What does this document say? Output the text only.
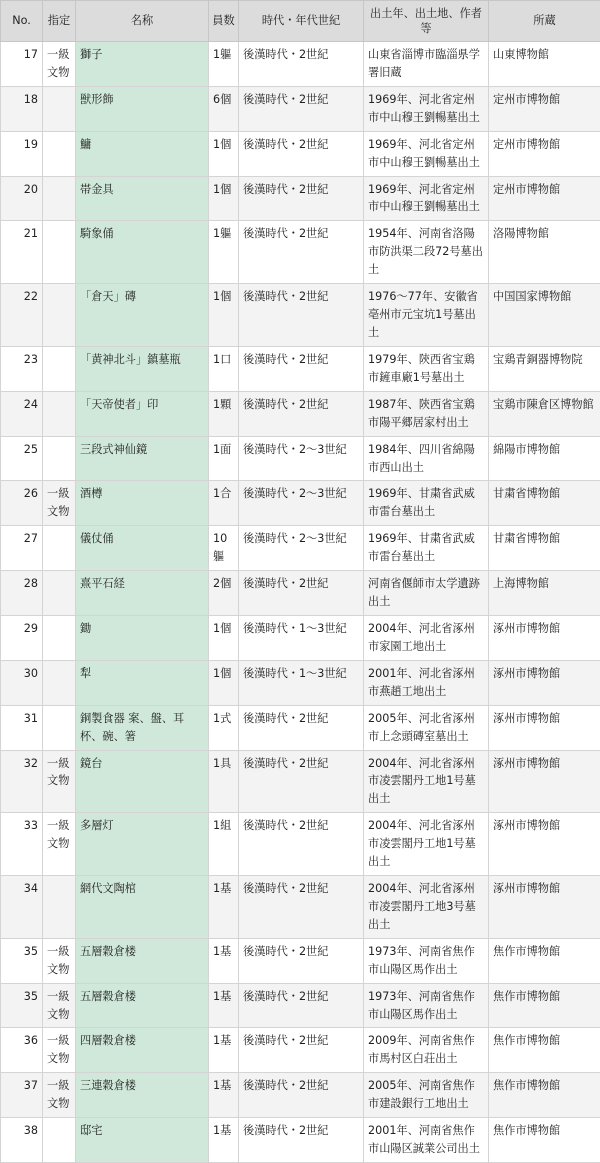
No.	指定	名称	員数	時代・年代世紀	出土年、出土地、作者等	所蔵
17	一級文物	獅子	1軀	後漢時代・2世紀	山東省淄博市臨淄県学署旧蔵	山東博物館
18		獣形飾	6個	後漢時代・2世紀	1969年、河北省定州市中山穆王劉暢墓出土	定州市博物館
19		鱅	1個	後漢時代・2世紀	1969年、河北省定州市中山穆王劉暢墓出土	定州市博物館
20		帯金具	1個	後漢時代・2世紀	1969年、河北省定州市中山穆王劉暢墓出土	定州市博物館
21		騎象俑	1軀	後漢時代・2世紀	1954年、河南省洛陽市防洪渠二段72号墓出土	洛陽博物館
22		「倉天」磚	1個	後漢時代・2世紀	1976〜77年、安徽省亳州市元宝坑1号墓出土	中国国家博物館
23		「黄神北斗」鎮墓瓶	1口	後漢時代・2世紀	1979年、陝西省宝鶏市鏟車廠1号墓出土	宝鶏青銅器博物院
24		「天帝使者」印	1顆	後漢時代・2世紀	1987年、陝西省宝鶏市陽平郷居家村出土	宝鶏市陳倉区博物館
25		三段式神仙鏡	1面	後漢時代・2〜3世紀	1984年、四川省綿陽市西山出土	綿陽市博物館
26	一級文物	酒樽	1合	後漢時代・2〜3世紀	1969年、甘粛省武威市雷台墓出土	甘粛省博物館
27		儀仗俑	10軀	後漢時代・2〜3世紀	1969年、甘粛省武威市雷台墓出土	甘粛省博物館
28		熹平石経	2個	後漢時代・2世紀	河南省偃師市太学遺跡出土	上海博物館
29		鋤	1個	後漢時代・1〜3世紀	2004年、河北省涿州市家園工地出土	涿州市博物館
30		犁	1個	後漢時代・1〜3世紀	2001年、河北省涿州市燕趙工地出土	涿州市博物館
31		銅製食器 案、盤、耳杯、碗、箸	1式	後漢時代・2世紀	2005年、河北省涿州市上念頭磚室墓出土	涿州市博物館
32	一級文物	鏡台	1具	後漢時代・2世紀	2004年、河北省涿州市凌雲閣丹工地1号墓出土	涿州市博物館
33	一級文物	多層灯	1組	後漢時代・2世紀	2004年、河北省涿州市凌雲閣丹工地1号墓出土	涿州市博物館
34		網代文陶棺	1基	後漢時代・2世紀	2004年、河北省涿州市凌雲閣丹工地3号墓出土	涿州市博物館
35	一級文物	五層穀倉楼	1基	後漢時代・2世紀	1973年、河南省焦作市山陽区馬作出土	焦作市博物館
35	一級文物	五層穀倉楼	1基	後漢時代・2世紀	1973年、河南省焦作市山陽区馬作出土	焦作市博物館
36	一級文物	四層穀倉楼	1基	後漢時代・2世紀	2009年、河南省焦作市馬村区白荘出土	焦作市博物館
37	一級文物	三連穀倉楼	1基	後漢時代・2世紀	2005年、河南省焦作市建設銀行工地出土	焦作市博物館
38		邸宅	1基	後漢時代・2世紀	2001年、河南省焦作市山陽区誠業公司出土	焦作市博物館
